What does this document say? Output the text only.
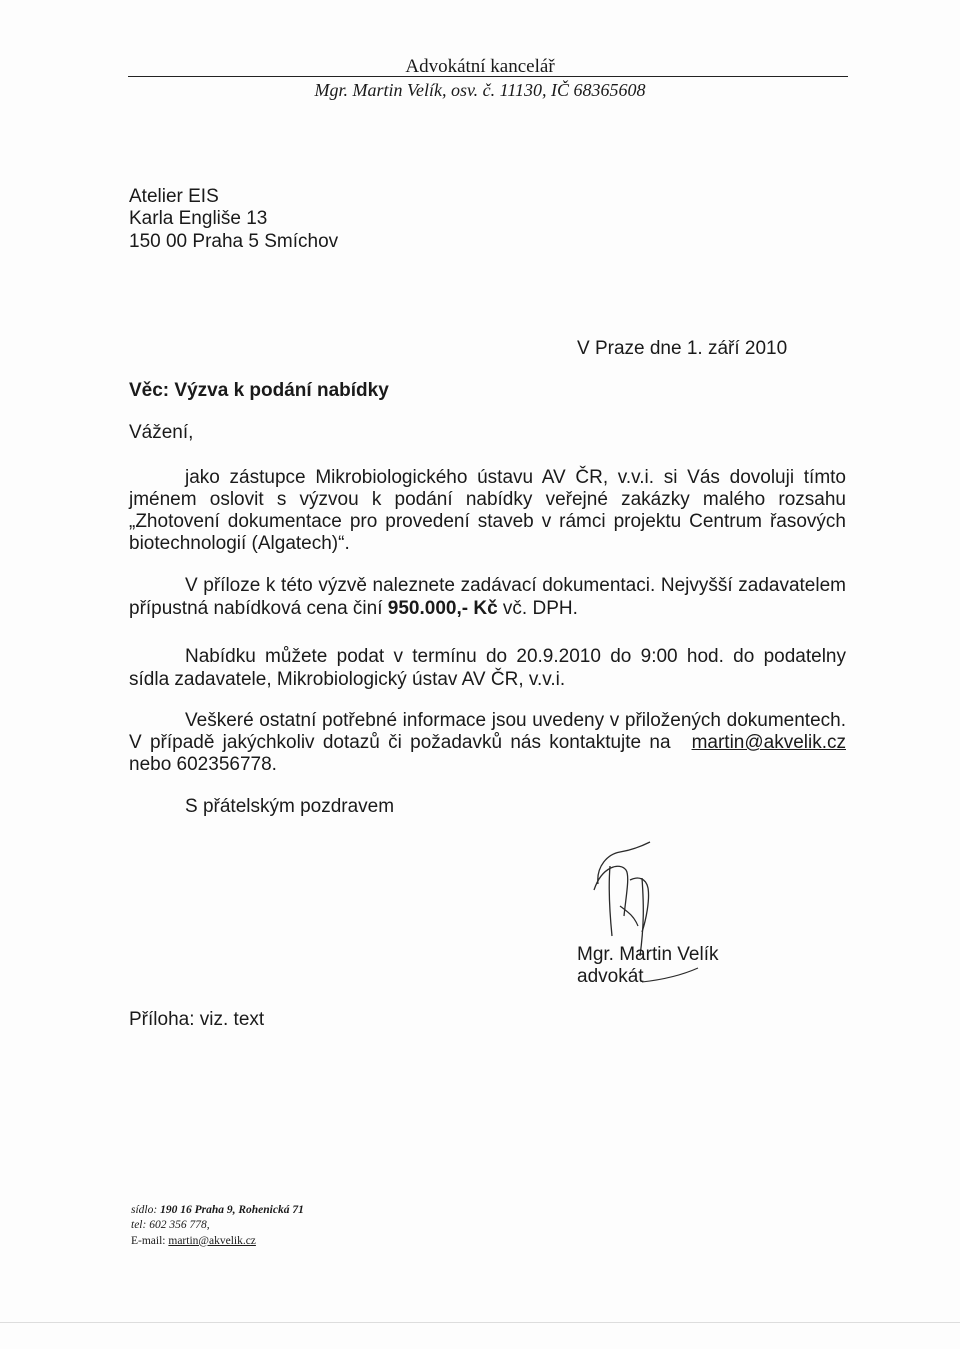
Advokátní kancelář
Mgr. Martin Velík, osv. č. 11130, IČ 68365608
Atelier EIS
Karla Engliše 13
150 00 Praha 5 Smíchov
V Praze dne 1. září 2010
Věc: Výzva k podání nabídky
Vážení,
jako zástupce Mikrobiologického ústavu AV ČR, v.v.i. si Vás dovoluji tímto
jménem oslovit s výzvou k podání nabídky veřejné zakázky malého rozsahu
„Zhotovení dokumentace pro provedení staveb v rámci projektu Centrum řasových
biotechnologií (Algatech)“.
V příloze k této výzvě naleznete zadávací dokumentaci. Nejvyšší zadavatelem
přípustná nabídková cena činí 950.000,- Kč vč. DPH.
Nabídku můžete podat v termínu do 20.9.2010 do 9:00 hod. do podatelny
sídla zadavatele, Mikrobiologický ústav AV ČR, v.v.i.
Veškeré ostatní potřebné informace jsou uvedeny v přiložených dokumentech.
V případě jakýchkoliv dotazů či požadavků nás kontaktujte na martin@akvelik.cz
nebo 602356778.
S přátelským pozdravem
Mgr. Martin Velík
advokát
Příloha: viz. text
sídlo: 190 16 Praha 9, Rohenická 71
tel: 602 356 778,
E-mail: martin@akvelik.cz
